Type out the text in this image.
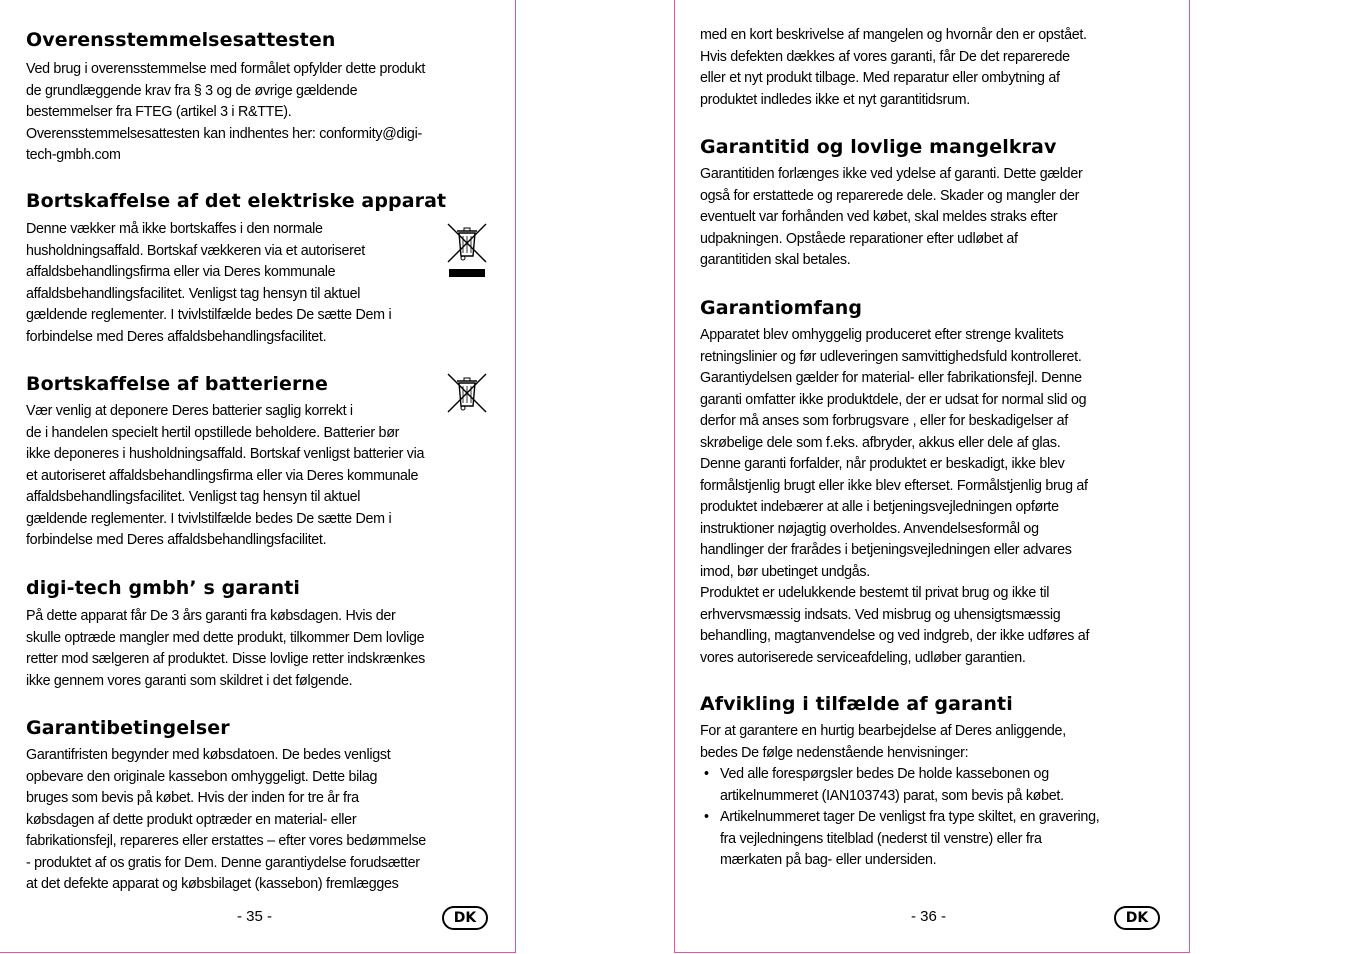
Overensstemmelsesattesten

Ved brug i overensstemmelse med formålet opfylder dette produkt
de grundlæggende krav fra § 3 og de øvrige gældende
bestemmelser fra FTEG (artikel 3 i R&TTE).
Overensstemmelsesattesten kan indhentes her: conformity@digi-
tech-gmbh.com

Bortskaffelse af det elektriske apparat

Denne vækker må ikke bortskaffes i den normale
husholdningsaffald. Bortskaf vækkeren via et autoriseret
affaldsbehandlingsfirma eller via Deres kommunale
affaldsbehandlingsfacilitet. Venligst tag hensyn til aktuel
gældende reglementer. I tvivlstilfælde bedes De sætte Dem i
forbindelse med Deres affaldsbehandlingsfacilitet.

Bortskaffelse af batterierne

Vær venlig at deponere Deres batterier saglig korrekt i
de i handelen specielt hertil opstillede beholdere. Batterier bør
ikke deponeres i husholdningsaffald. Bortskaf venligst batterier via
et autoriseret affaldsbehandlingsfirma eller via Deres kommunale
affaldsbehandlingsfacilitet. Venligst tag hensyn til aktuel
gældende reglementer. I tvivlstilfælde bedes De sætte Dem i
forbindelse med Deres affaldsbehandlingsfacilitet.

digi-tech gmbh’ s garanti

På dette apparat får De 3 års garanti fra købsdagen. Hvis der
skulle optræde mangler med dette produkt, tilkommer Dem lovlige
retter mod sælgeren af produktet. Disse lovlige retter indskrænkes
ikke gennem vores garanti som skildret i det følgende.

Garantibetingelser

Garantifristen begynder med købsdatoen. De bedes venligst
opbevare den originale kassebon omhyggeligt. Dette bilag
bruges som bevis på købet. Hvis der inden for tre år fra
købsdagen af dette produkt optræder en material- eller
fabrikationsfejl, repareres eller erstattes – efter vores bedømmelse
- produktet af os gratis for Dem. Denne garantiydelse forudsætter
at det defekte apparat og købsbilaget (kassebon) fremlægges

- 35 -	DK

med en kort beskrivelse af mangelen og hvornår den er opstået.
Hvis defekten dækkes af vores garanti, får De det reparerede
eller et nyt produkt tilbage. Med reparatur eller ombytning af
produktet indledes ikke et nyt garantitidsrum.

Garantitid og lovlige mangelkrav

Garantitiden forlænges ikke ved ydelse af garanti. Dette gælder
også for erstattede og reparerede dele. Skader og mangler der
eventuelt var forhånden ved købet, skal meldes straks efter
udpakningen. Opståede reparationer efter udløbet af
garantitiden skal betales.

Garantiomfang

Apparatet blev omhyggelig produceret efter strenge kvalitets
retningslinier og før udleveringen samvittighedsfuld kontrolleret.
Garantiydelsen gælder for material- eller fabrikationsfejl. Denne
garanti omfatter ikke produktdele, der er udsat for normal slid og
derfor må anses som forbrugsvare , eller for beskadigelser af
skrøbelige dele som f.eks. afbryder, akkus eller dele af glas.
Denne garanti forfalder, når produktet er beskadigt, ikke blev
formålstjenlig brugt eller ikke blev efterset. Formålstjenlig brug af
produktet indebærer at alle i betjeningsvejledningen opførte
instruktioner nøjagtig overholdes. Anvendelsesformål og
handlinger der frarådes i betjeningsvejledningen eller advares
imod, bør ubetinget undgås.
Produktet er udelukkende bestemt til privat brug og ikke til
erhvervsmæssig indsats. Ved misbrug og uhensigtsmæssig
behandling, magtanvendelse og ved indgreb, der ikke udføres af
vores autoriserede serviceafdeling, udløber garantien.

Afvikling i tilfælde af garanti

For at garantere en hurtig bearbejdelse af Deres anliggende,
bedes De følge nedenstående henvisninger:

• Ved alle forespørgsler bedes De holde kassebonen og
artikelnummeret (IAN103743) parat, som bevis på købet.

• Artikelnummeret tager De venligst fra type skiltet, en gravering,
fra vejledningens titelblad (nederst til venstre) eller fra
mærkaten på bag- eller undersiden.

- 36 -	DK
